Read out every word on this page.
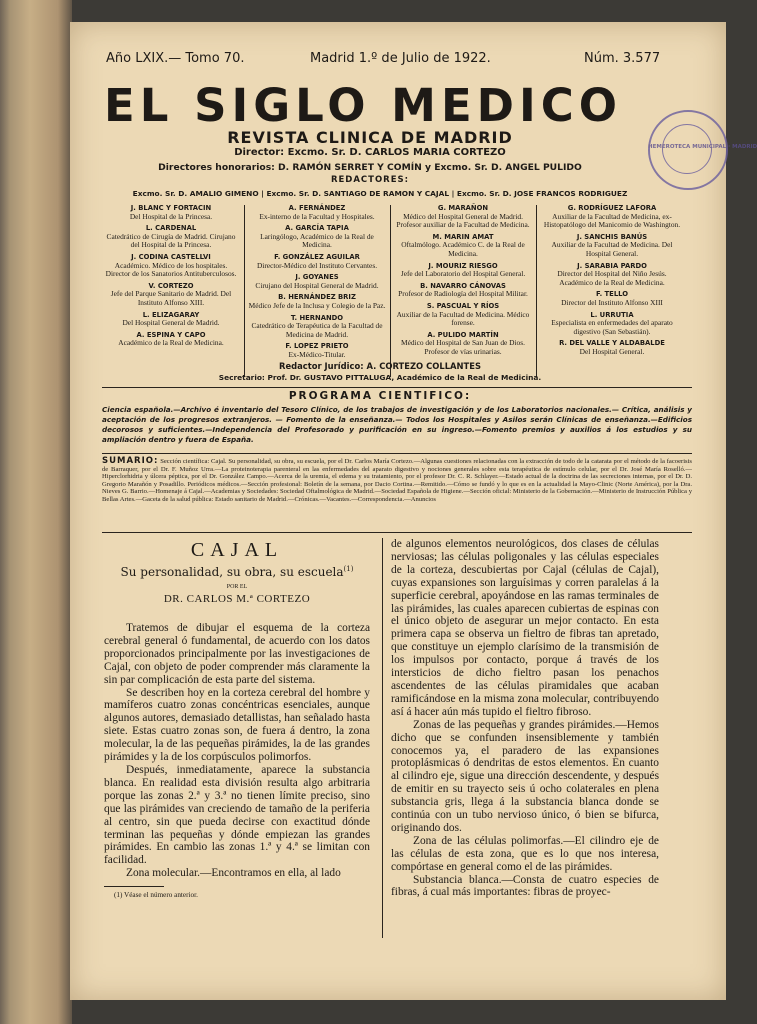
Año LXIX.— Tomo 70.	Madrid 1.º de Julio de 1922.	Núm. 3.577
EL SIGLO MEDICO
REVISTA CLINICA DE MADRID
Director: Excmo. Sr. D. CARLOS MARIA CORTEZO
Directores honorarios: D. RAMÓN SERRET Y COMÍN y Excmo. Sr. D. ANGEL PULIDO
REDACTORES:
Excmo. Sr. D. AMALIO GIMENO | Excmo. Sr. D. SANTIAGO DE RAMON Y CAJAL | Excmo. Sr. D. JOSE FRANCOS RODRIGUEZ
HEMEROTECA MUNICIPAL · MADRID
J. BLANC Y FORTACIN
Del Hospital de la Princesa.
L. CARDENAL
Catedrático de Cirugía de Madrid. Cirujano del Hospital de la Princesa.
J. CODINA CASTELLVI
Académico. Médico de los hospitales. Director de los Sanatorios Antituberculosos.
V. CORTEZO
Jefe del Parque Sanitario de Madrid. Del Instituto Alfonso XIII.
L. ELIZAGARAY
Del Hospital General de Madrid.
A. ESPINA Y CAPO
Académico de la Real de Medicina.
A. FERNÁNDEZ
Ex-interno de la Facultad y Hospitales.
A. GARCÍA TAPIA
Laringólogo, Académico de la Real de Medicina.
F. GONZÁLEZ AGUILAR
Director-Médico del Instituto Cervantes.
J. GOYANES
Cirujano del Hospital General de Madrid.
B. HERNÁNDEZ BRIZ
Médico Jefe de la Inclusa y Colegio de la Paz.
T. HERNANDO
Catedrático de Terapéutica de la Facultad de Medicina de Madrid.
F. LOPEZ PRIETO
Ex-Médico-Titular.
G. MARAÑON
Médico del Hospital General de Madrid. Profesor auxiliar de la Facultad de Medicina.
M. MARIN AMAT
Oftalmólogo. Académico C. de la Real de Medicina.
J. MOURIZ RIESGO
Jefe del Laboratorio del Hospital General.
B. NAVARRO CÁNOVAS
Profesor de Radiología del Hospital Militar.
S. PASCUAL Y RÍOS
Auxiliar de la Facultad de Medicina. Médico forense.
A. PULIDO MARTÍN
Médico del Hospital de San Juan de Dios. Profesor de vías urinarias.
G. RODRÍGUEZ LAFORA
Auxiliar de la Facultad de Medicina, ex-Histopatólogo del Manicomio de Washington.
J. SANCHIS BANÚS
Auxiliar de la Facultad de Medicina. Del Hospital General.
J. SARABIA PARDO
Director del Hospital del Niño Jesús. Académico de la Real de Medicina.
F. TELLO
Director del Instituto Alfonso XIII
L. URRUTIA
Especialista en enfermedades del aparato digestivo (San Sebastián).
R. DEL VALLE Y ALDABALDE
Del Hospital General.
Redactor Jurídico: A. CORTEZO COLLANTES
Secretario: Prof. Dr. GUSTAVO PITTALUGA, Académico de la Real de Medicina.
PROGRAMA CIENTIFICO:
Ciencia española.—Archivo é inventario del Tesoro Clínico, de los trabajos de investigación y de los Laboratorios nacionales.— Crítica, análisis y aceptación de los progresos extranjeros. — Fomento de la enseñanza.— Todos los Hospitales y Asilos serán Clínicas de enseñanza.—Edificios decorosos y suficientes.—Independencia del Profesorado y purificación en su ingreso.—Fomento premios y auxilios á los estudios y su ampliación dentro y fuera de España.
SUMARIO: Sección científica: Cajal. Su personalidad, su obra, su escuela, por el Dr. Carlos María Cortezo.—Algunas cuestiones relacionadas con la extracción de todo de la catarata por el método de la facoerisis de Barraquer, por el Dr. F. Muñoz Urra.—La proteinoterapia parenteral en las enfermedades del aparato digestivo y nociones generales sobre esta terapéutica de estímulo celular, por el Dr. José María Roselló.—Hiperclorhidria y úlcera péptica, por el Dr. González Campo.—Acerca de la uremia, el edema y su tratamiento, por el profesor Dr. C. R. Schlayer.—Estado actual de la doctrina de las secreciones internas, por el Dr. D. Gregorio Marañón y Posadillo. Periódicos médicos.—Sección profesional: Boletín de la semana, por Dacio Cortina.—Remitido.—Cómo se fundó y lo que es en la actualidad la Mayo-Clinic (Norte América), por la Dra. Nieves G. Barrio.—Homenaje á Cajal.—Academias y Sociedades: Sociedad Oftalmológica de Madrid.—Sociedad Española de Higiene.—Sección oficial: Ministerio de la Gobernación.—Ministerio de Instrucción Pública y Bellas Artes.—Gaceta de la salud pública: Estado sanitario de Madrid.—Crónicas.—Vacantes.—Correspondencia.—Anuncios
CAJAL
Su personalidad, su obra, su escuela$^{(1)}$
POR EL
DR. CARLOS M.ª CORTEZO

Tratemos de dibujar el esquema de la corteza cerebral general ó fundamental, de acuerdo con los datos proporcionados principalmente por las investigaciones de Cajal, con objeto de poder comprender más claramente la sin par complicación de esta parte del sistema.

Se describen hoy en la corteza cerebral del hombre y mamíferos cuatro zonas concéntricas esenciales, aunque algunos autores, demasiado detallistas, han señalado hasta siete. Estas cuatro zonas son, de fuera á dentro, la zona molecular, la de las pequeñas pirámides, la de las grandes pirámides y la de los corpúsculos polimorfos.

Después, inmediatamente, aparece la substancia blanca. En realidad esta división resulta algo arbitraria porque las zonas 2.ª y 3.ª no tienen límite preciso, sino que las pirámides van creciendo de tamaño de la periferia al centro, sin que pueda decirse con exactitud dónde terminan las pequeñas y dónde empiezan las grandes pirámides. En cambio las zonas 1.ª y 4.ª se limitan con facilidad.

Zona molecular.—Encontramos en ella, al lado

(1) Véase el número anterior.

de algunos elementos neurológicos, dos clases de células nerviosas; las células poligonales y las células especiales de la corteza, descubiertas por Cajal (células de Cajal), cuyas expansiones son larguísimas y corren paralelas á la superficie cerebral, apoyándose en las ramas terminales de las pirámides, las cuales aparecen cubiertas de espinas con el único objeto de asegurar un mejor contacto. En esta primera capa se observa un fieltro de fibras tan apretado, que constituye un ejemplo clarísimo de la transmisión de los impulsos por contacto, porque á través de los intersticios de dicho fieltro pasan los penachos ascendentes de las células piramidales que acaban ramificándose en la misma zona molecular, contribuyendo así á hacer aún más tupido el fieltro fibroso.

Zonas de las pequeñas y grandes pirámides.—Hemos dicho que se confunden insensiblemente y también conocemos ya, el paradero de las expansiones protoplásmicas ó dendritas de estos elementos. En cuanto al cilindro eje, sigue una dirección descendente, y después de emitir en su trayecto seis ú ocho colaterales en plena substancia gris, llega á la substancia blanca donde se continúa con un tubo nervioso único, ó bien se bifurca, originando dos.

Zona de las células polimorfas.—El cilindro eje de las células de esta zona, que es lo que nos interesa, compórtase en general como el de las pirámides.

Substancia blanca.—Consta de cuatro especies de fibras, á cual más importantes: fibras de proyec-
